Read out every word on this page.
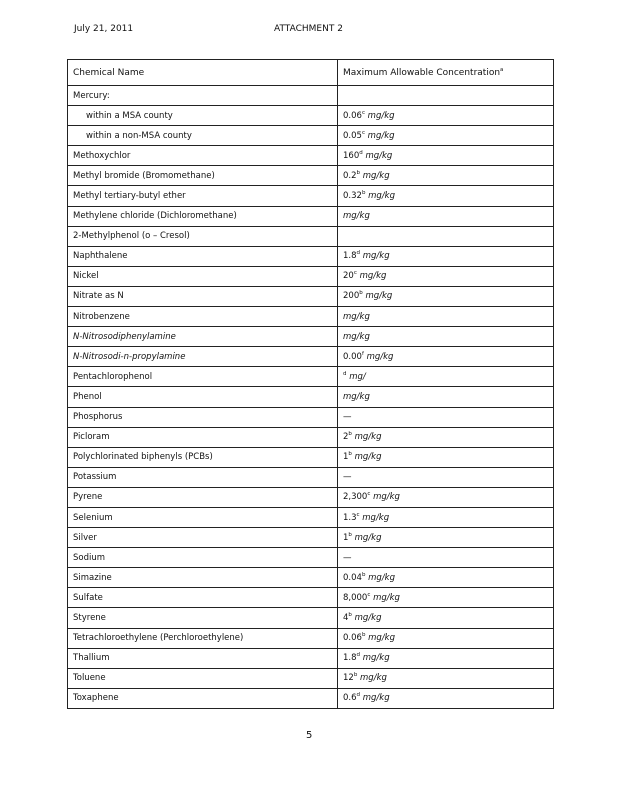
July 21, 2011	ATTACHMENT 2
Chemical Name	Maximum Allowable Concentration$^a$
Mercury:	
within a MSA county	0.06$^c$ mg/kg
within a non-MSA county	0.05$^c$ mg/kg
Methoxychlor	160$^d$ mg/kg
Methyl bromide (Bromomethane)	0.2$^b$ mg/kg
Methyl tertiary-butyl ether	0.32$^b$ mg/kg
Methylene chloride (Dichloromethane)	mg/kg
2-Methylphenol (o – Cresol)	
Naphthalene	1.8$^d$ mg/kg
Nickel	20$^c$ mg/kg
Nitrate as N	200$^b$ mg/kg
Nitrobenzene	mg/kg
N-Nitrosodiphenylamine	mg/kg
N-Nitrosodi-n-propylamine	0.00$^f$ mg/kg
Pentachlorophenol	$^d$ mg/
Phenol	mg/kg
Phosphorus	—
Picloram	2$^b$ mg/kg
Polychlorinated biphenyls (PCBs)	1$^b$ mg/kg
Potassium	—
Pyrene	2,300$^c$ mg/kg
Selenium	1.3$^c$ mg/kg
Silver	1$^b$ mg/kg
Sodium	—
Simazine	0.04$^b$ mg/kg
Sulfate	8,000$^c$ mg/kg
Styrene	4$^b$ mg/kg
Tetrachloroethylene (Perchloroethylene)	0.06$^b$ mg/kg
Thallium	1.8$^d$ mg/kg
Toluene	12$^b$ mg/kg
Toxaphene	0.6$^d$ mg/kg
5
